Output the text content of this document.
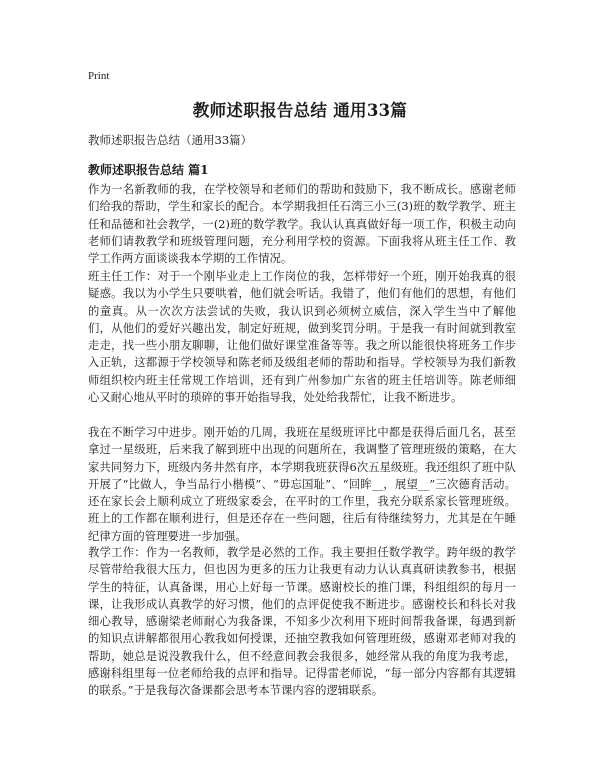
Print
教师述职报告总结 通用33篇
教师述职报告总结（通用33篇）
教师述职报告总结 篇1

作为一名新教师的我，在学校领导和老师们的帮助和鼓励下，我不断成长。感谢老师们给我的帮助，学生和家长的配合。本学期我担任石湾三小三(3)班的数学教学、班主任和品德和社会教学，一(2)班的数学教学。我认认真真做好每一项工作，积极主动向老师们请教教学和班级管理问题，充分利用学校的资源。下面我将从班主任工作、教学工作两方面谈谈我本学期的工作情况。

班主任工作：对于一个刚毕业走上工作岗位的我，怎样带好一个班，刚开始我真的很疑惑。我以为小学生只要哄着，他们就会听话。我错了，他们有他们的思想，有他们的童真。从一次次方法尝试的失败，我认识到必须树立威信，深入学生当中了解他们，从他们的爱好兴趣出发，制定好班规，做到奖罚分明。于是我一有时间就到教室走走，找一些小朋友聊聊，让他们做好课堂准备等等。我之所以能很快将班务工作步入正轨，这都源于学校领导和陈老师及级组老师的帮助和指导。学校领导为我们新教师组织校内班主任常规工作培训，还有到广州参加广东省的班主任培训等。陈老师细心又耐心地从平时的琐碎的事开始指导我，处处给我帮忙，让我不断进步。

我在不断学习中进步。刚开始的几周，我班在星级班评比中都是获得后面几名，甚至拿过一星级班，后来我了解到班中出现的问题所在，我调整了管理班级的策略，在大家共同努力下，班级内务井然有序，本学期我班获得6次五星级班。我还组织了班中队开展了“比做人，争当品行小楷模”、“毋忘国耻”、“回眸__，展望__”三次德育活动。还在家长会上顺利成立了班级家委会，在平时的工作里，我充分联系家长管理班级。班上的工作都在顺利进行，但是还存在一些问题，往后有待继续努力，尤其是在午睡纪律方面的管理要进一步加强。

教学工作：作为一名教师，教学是必然的工作。我主要担任数学教学。跨年级的教学尽管带给我很大压力，但也因为更多的压力让我更有动力认认真真研读教参书，根据学生的特征，认真备课，用心上好每一节课。感谢校长的推门课，科组组织的每月一课，让我形成认真教学的好习惯，他们的点评促使我不断进步。感谢校长和科长对我细心教导，感谢梁老师耐心为我备课，不知多少次利用下班时间帮我备课，每遇到新的知识点讲解都很用心教我如何授课，还抽空教我如何管理班级，感谢邓老师对我的帮助，她总是说没教我什么，但不经意间教会我很多，她经常从我的角度为我考虑，感谢科组里每一位老师给我的点评和指导。记得雷老师说，“每一部分内容都有其逻辑的联系。”于是我每次备课都会思考本节课内容的逻辑联系。
